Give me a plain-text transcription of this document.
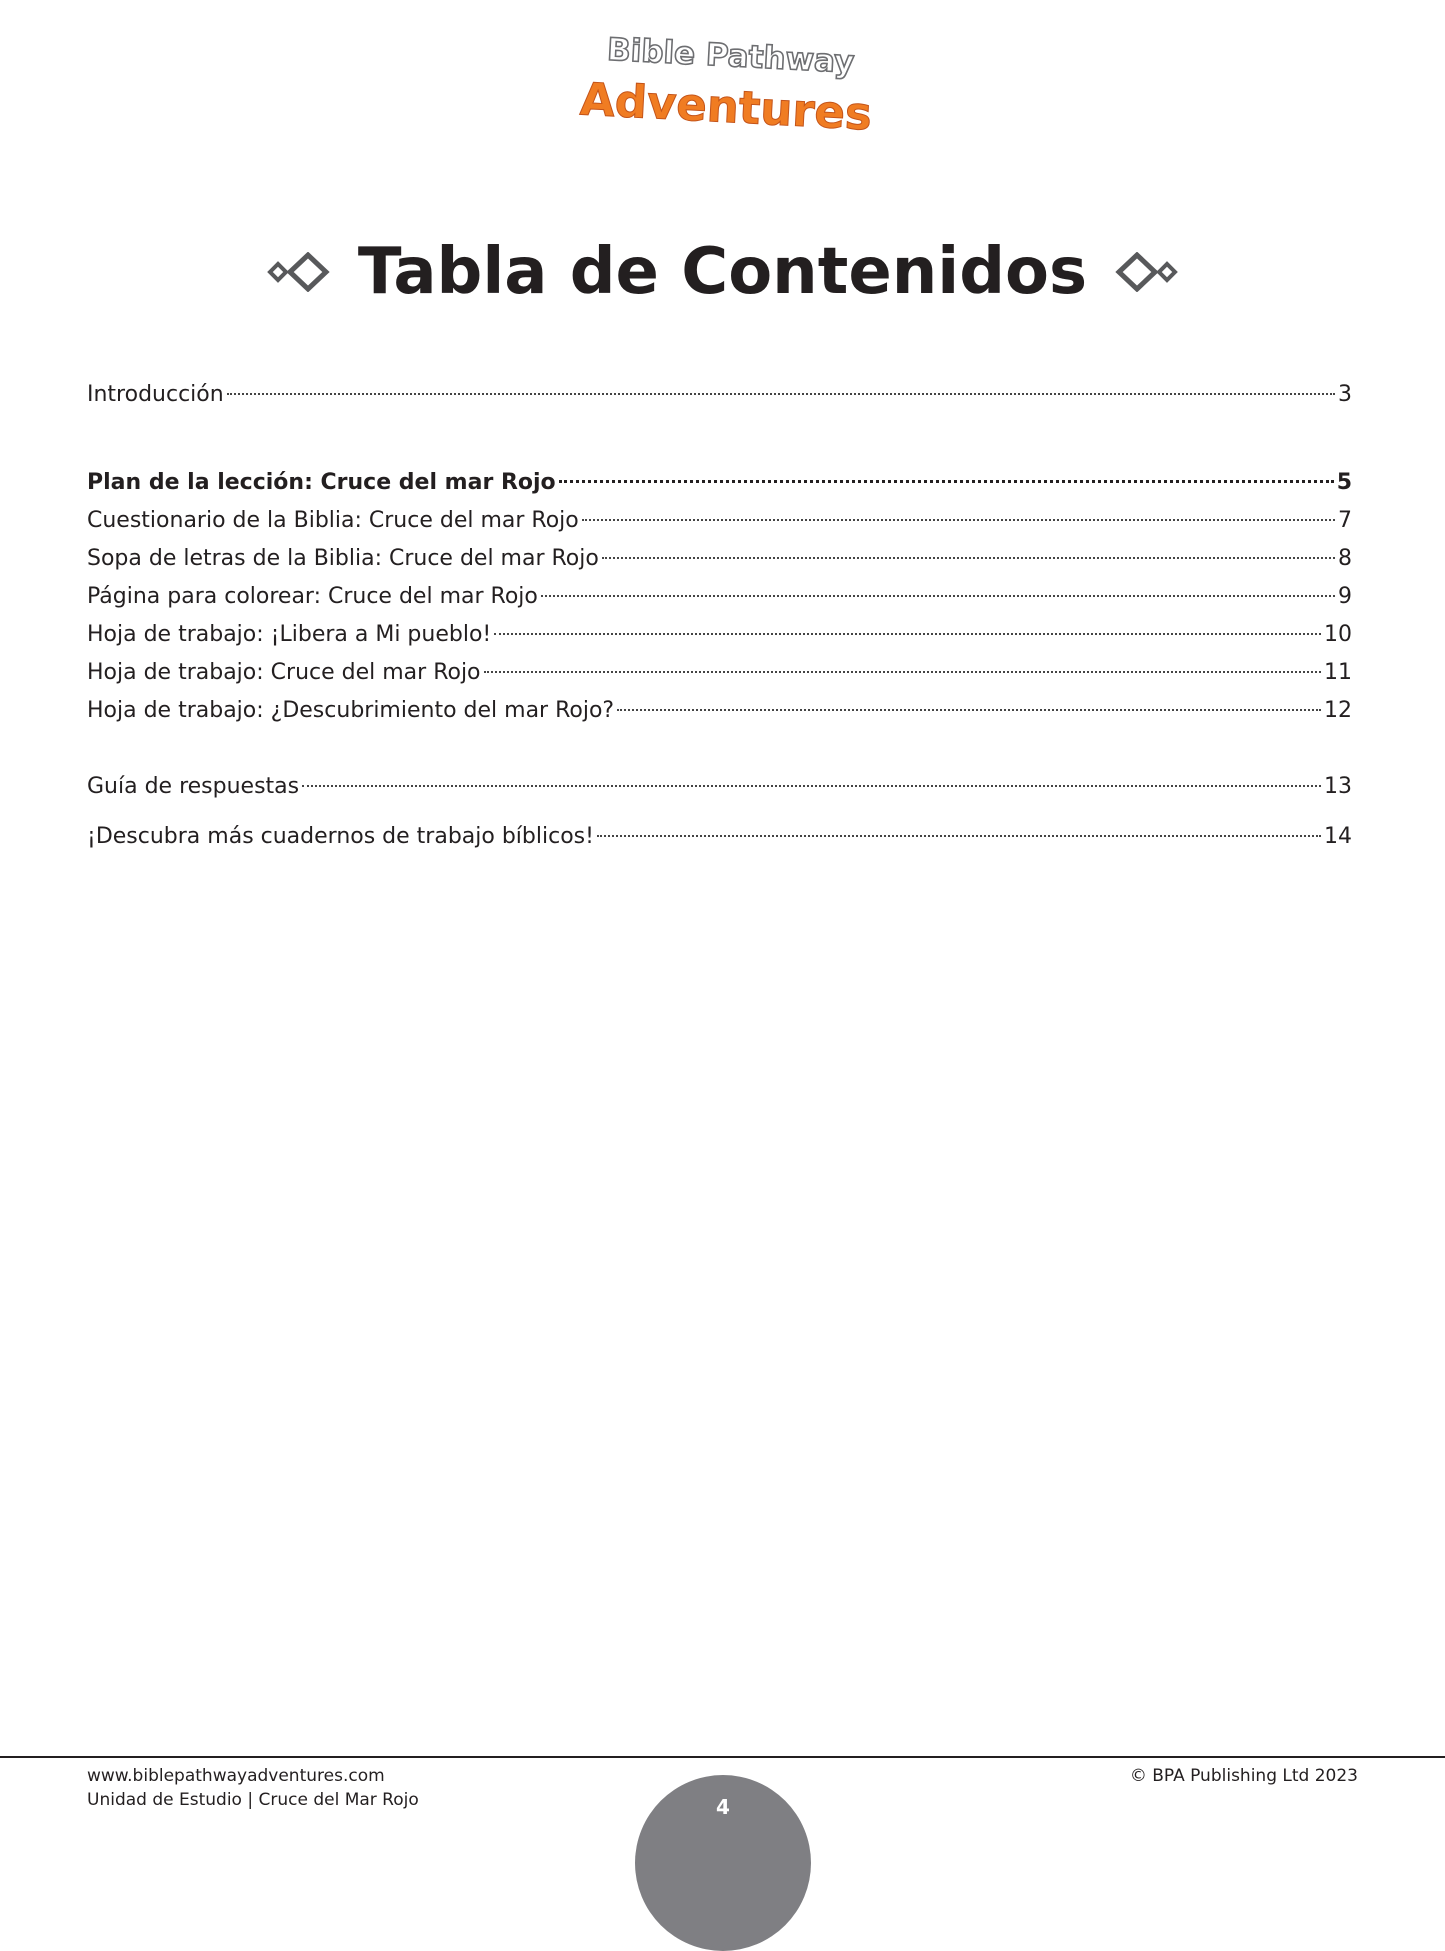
Bible Pathway
Adventures
Tabla de Contenidos
Introducción	3
Plan de la lección: Cruce del mar Rojo	5
Cuestionario de la Biblia: Cruce del mar Rojo	7
Sopa de letras de la Biblia: Cruce del mar Rojo	8
Página para colorear: Cruce del mar Rojo	9
Hoja de trabajo: ¡Libera a Mi pueblo!	10
Hoja de trabajo: Cruce del mar Rojo	11
Hoja de trabajo: ¿Descubrimiento del mar Rojo?	12
Guía de respuestas	13
¡Descubra más cuadernos de trabajo bíblicos!	14
www.biblepathwayadventures.com
Unidad de Estudio | Cruce del Mar Rojo
© BPA Publishing Ltd 2023
4
